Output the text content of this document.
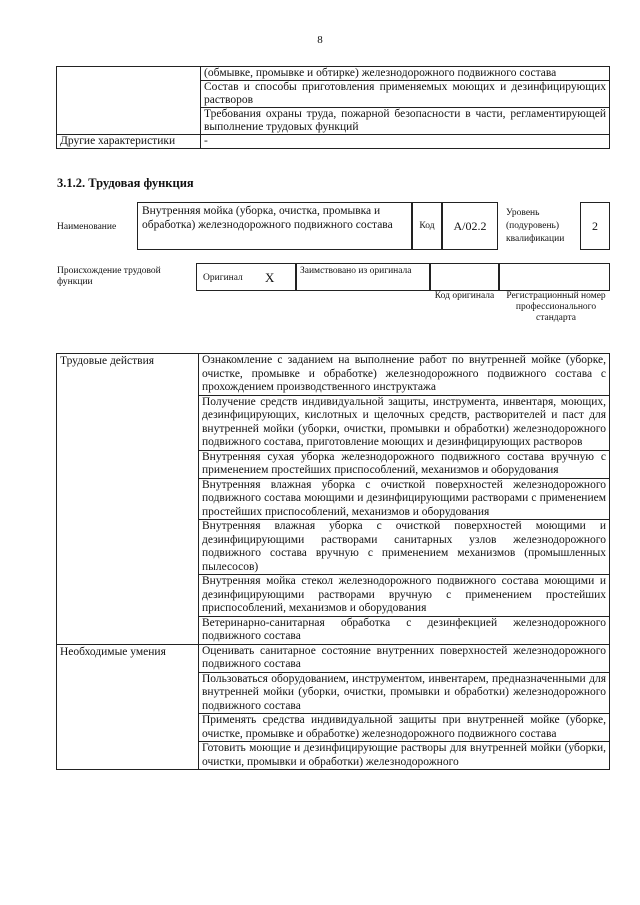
8
	(обмывке, промывке и обтирке) железнодорожного подвижного состава
	Состав и способы приготовления применяемых моющих и дезинфицирующих растворов
	Требования охраны труда, пожарной безопасности в части, регламентирующей выполнение трудовых функций
Другие характеристики	-
3.1.2. Трудовая функция
Наименование
Внутренняя мойка (уборка, очистка, промывка и обработка) железнодорожного подвижного состава	Код	А/02.2
Уровень (подуровень) квалификации
2
Происхождение трудовой функции	Оригинал X	Заимствовано из оригинала
Код оригинала	Регистрационный номер профессионального стандарта
Трудовые действия	Ознакомление с заданием на выполнение работ по внутренней мойке (уборке, очистке, промывке и обработке) железнодорожного подвижного состава с прохождением производственного инструктажа
	Получение средств индивидуальной защиты, инструмента, инвентаря, моющих, дезинфицирующих, кислотных и щелочных средств, растворителей и паст для внутренней мойки (уборки, очистки, промывки и обработки) железнодорожного подвижного состава, приготовление моющих и дезинфицирующих растворов
	Внутренняя сухая уборка железнодорожного подвижного состава вручную с применением простейших приспособлений, механизмов и оборудования
	Внутренняя влажная уборка с очисткой поверхностей железнодорожного подвижного состава моющими и дезинфицирующими растворами с применением простейших приспособлений, механизмов и оборудования
	Внутренняя влажная уборка с очисткой поверхностей моющими и дезинфицирующими растворами санитарных узлов железнодорожного подвижного состава вручную с применением механизмов (промышленных пылесосов)
	Внутренняя мойка стекол железнодорожного подвижного состава моющими и дезинфицирующими растворами вручную с применением простейших приспособлений, механизмов и оборудования
	Ветеринарно-санитарная обработка с дезинфекцией железнодорожного подвижного состава
Необходимые умения	Оценивать санитарное состояние внутренних поверхностей железнодорожного подвижного состава
	Пользоваться оборудованием, инструментом, инвентарем, предназначенными для внутренней мойки (уборки, очистки, промывки и обработки) железнодорожного подвижного состава
	Применять средства индивидуальной защиты при внутренней мойке (уборке, очистке, промывке и обработке) железнодорожного подвижного состава
	Готовить моющие и дезинфицирующие растворы для внутренней мойки (уборки, очистки, промывки и обработки) железнодорожного
